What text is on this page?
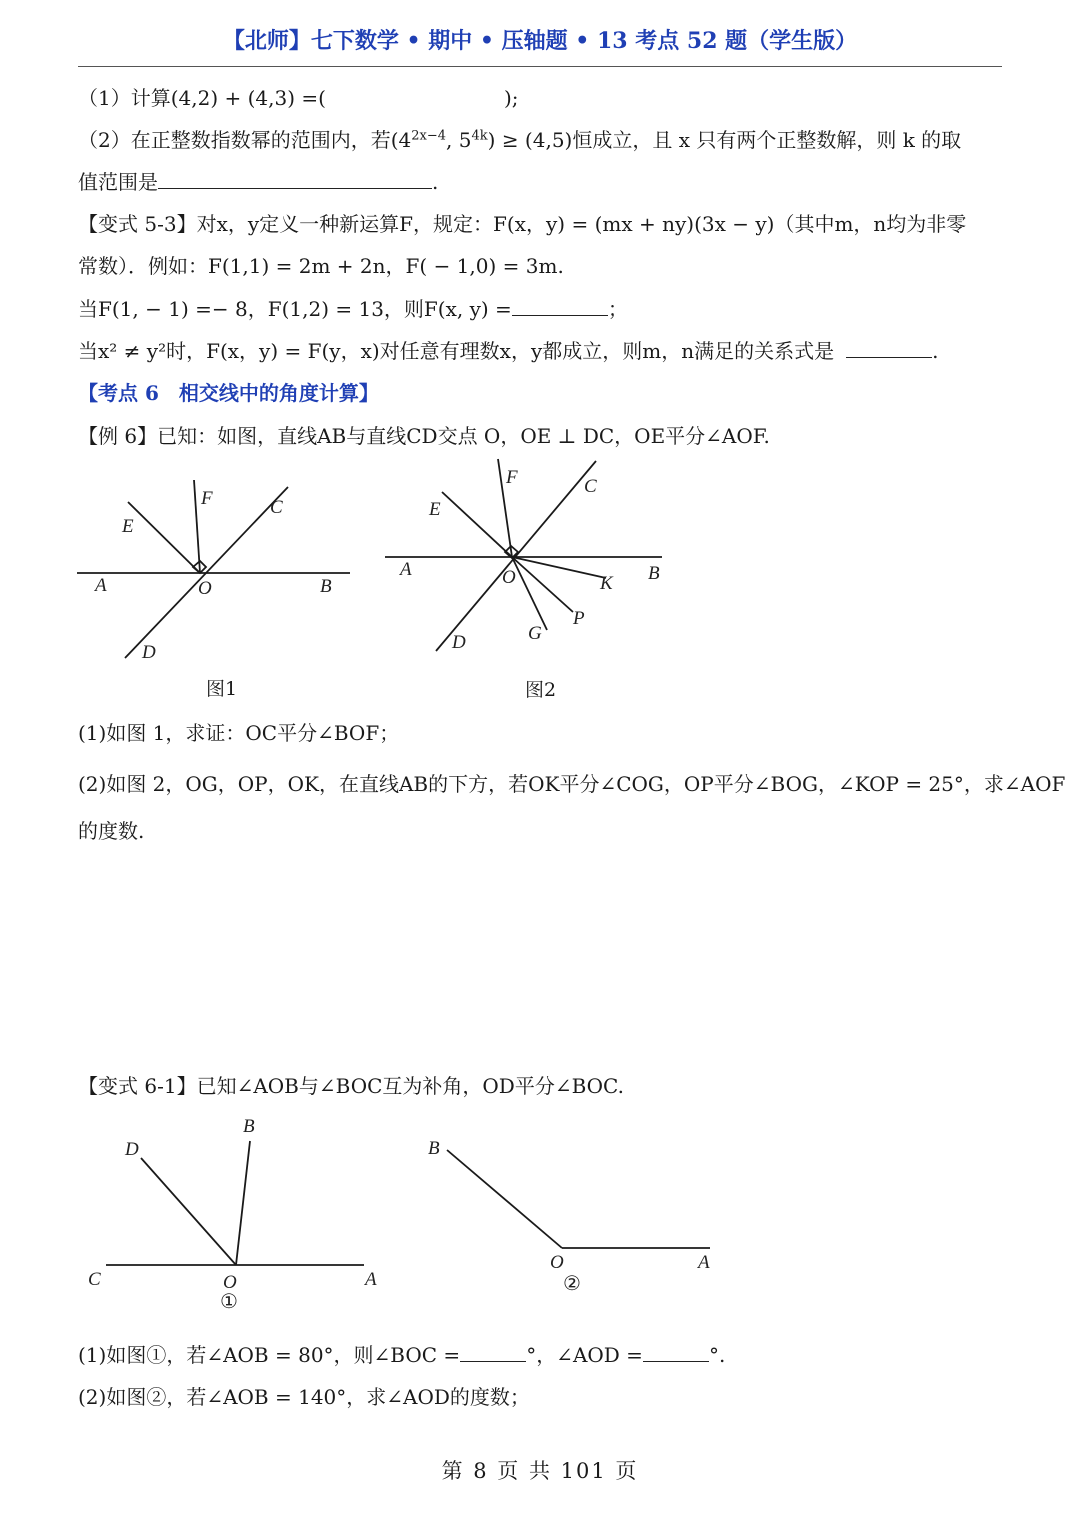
【北师】七下数学 • 期中 • 压轴题 • 13 考点 52 题（学生版）
（1）计算(4,2) + (4,3) =(	);
（2）在正整数指数幂的范围内，若($4^{2x-4}$, $5^{4k}) \ge (4,5)$恒成立，且 x 只有两个正整数解，则 k 的取
值范围是	.
【变式 5-3】对x，y定义一种新运算F，规定：F(x，y) = (mx + ny)(3x − y)（其中m，n均为非零
常数）．例如：F(1,1) = 2m + 2n，F( − 1,0) = 3m.
当F(1, − 1) =− 8，F(1,2) = 13，则F(x, y) =	；
当x² ≠ y²时，F(x，y) = F(y，x)对任意有理数x，y都成立，则m，n满足的关系式是	.
【考点 6　相交线中的角度计算】
【例 6】已知：如图，直线AB与直线CD交点 O，OE ⊥ DC，OE平分∠AOF.
A	B
C
D
E
F
O
图1
A	B
C
D
E
F
O
G
P
K
图2
(1)如图 1，求证：OC平分∠BOF；
(2)如图 2，OG，OP，OK，在直线AB的下方，若OK平分∠COG，OP平分∠BOG，∠KOP = 25°，求∠AOF
的度数.
【变式 6-1】已知∠AOB与∠BOC互为补角，OD平分∠BOC.
C	A
D
B
O
①
B
O	A
②
(1)如图①，若∠AOB = 80°，则∠BOC =	°，∠AOD =	°.
(2)如图②，若∠AOB = 140°，求∠AOD的度数；
第 8 页 共 101 页
